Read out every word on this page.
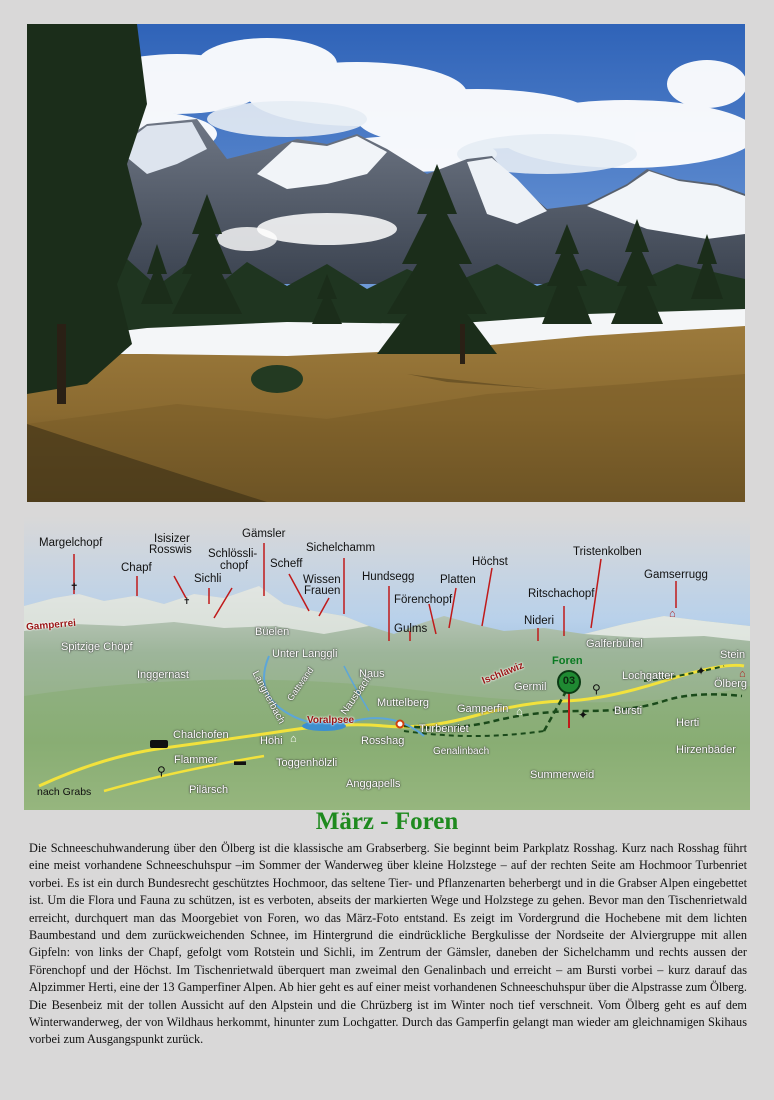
Margelchopf
Chapf
Isisizer
Rosswis
Sichli
Schlössli-
chopf
Gämsler
Scheff
Wissen
Frauen
Sichelchamm
Hundsegg
Förenchopf
Platten
Höchst
Tristenkolben
Ritschachopf
Gulms
Nideri
Gamserrugg
Gamperrei
Voralpsee
Ischlawiz
Spitzige Chöpf
Büelen
Unter Langgli
Inggernast	Gattwand
Langnerbach	Naus
Nausbach Muttelberg
Germil
Gamperfin
Lochgatter
Galferbühel
Stein
Ölberg
Bursti
Herti
Chalchofen	Höhi	Rosshag
Turbenriet
Genalinbach	Hirzenbäder
Flammer	Toggenhölzli
nach Grabs	Pilärsch	Anggapells
Summerweid
Foren
03
▬
⚲
⚲
✦
✦
⌂
⌂
⌂
⌂
✝
✝
März - Foren

Die Schneeschuhwanderung über den Ölberg ist die klassische am Grabserberg. Sie beginnt beim Parkplatz Rosshag. Kurz nach Rosshag führt eine meist vorhandene Schneeschuhspur –im Sommer der Wanderweg über kleine Holzstege – auf der rechten Seite am Hochmoor Turbenriet vorbei. Es ist ein durch Bundesrecht geschütztes Hochmoor, das seltene Tier- und Pflanzenarten beherbergt und in die Grabser Alpen eingebettet ist. Um die Flora und Fauna zu schützen, ist es verboten, abseits der markierten Wege und Holzstege zu gehen. Bevor man den Tischenrietwald erreicht, durchquert man das Moorgebiet von Foren, wo das März-Foto entstand. Es zeigt im Vordergrund die Hochebene mit dem lichten Baumbestand und dem zurückweichenden Schnee, im Hintergrund die eindrückliche Bergkulisse der Nordseite der Alviergruppe mit allen Gipfeln: von links der Chapf, gefolgt vom Rotstein und Sichli, im Zentrum der Gämsler, daneben der Sichelchamm und rechts aussen der Förenchopf und der Höchst. Im Tischenrietwald überquert man zweimal den Genalinbach und erreicht – am Bursti vorbei – kurz darauf das Alpzimmer Herti, eine der 13 Gamperfiner Alpen. Ab hier geht es auf einer meist vorhandenen Schneeschuhspur über die Alpstrasse zum Ölberg. Die Besenbeiz mit der tollen Aussicht auf den Alpstein und die Chrüzberg ist im Winter noch tief verschneit. Vom Ölberg geht es auf dem Winterwanderweg, der von Wildhaus herkommt, hinunter zum Lochgatter. Durch das Gamperfin gelangt man wieder am gleichnamigen Skihaus vorbei zum Ausgangspunkt zurück.
